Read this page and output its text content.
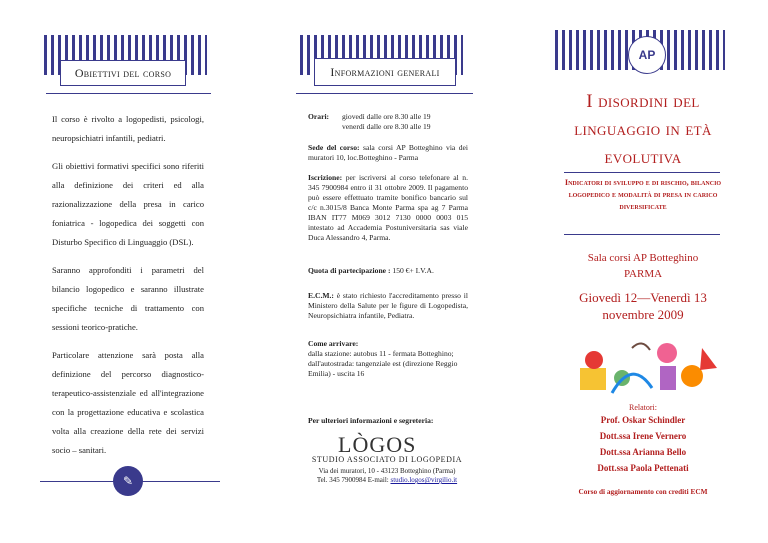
Obiettivi del corso

Il corso è rivolto a logopedisti, psicologi, neuropsichiatri infantili, pediatri.

Gli obiettivi formativi specifici sono riferiti alla definizione dei criteri ed alla razionalizzazione della presa in carico foniatrica - logopedica dei soggetti con Disturbo Specifico di Linguaggio (DSL).

Saranno approfonditi i parametri del bilancio logopedico e saranno illustrate specifiche tecniche di trattamento con sessioni teorico-pratiche.

Particolare attenzione sarà posta alla definizione del percorso diagnostico-terapeutico-assistenziale ed all'integrazione con la progettazione educativa e scolastica volta alla creazione della rete dei servizi socio – sanitari.

✎
Informazioni generali
Orari:	giovedì dalle ore 8.30 alle 19
venerdì dalle ore 8.30 alle 19
Sede del corso: sala corsi AP Botteghino via dei muratori 10, loc.Botteghino - Parma
Iscrizione: per iscriversi al corso telefonare al n. 345 7900984 entro il 31 ottobre 2009. Il pagamento può essere effettuato tramite bonifico bancario sul c/c n.3015/8 Banca Monte Parma spa ag 7 Parma IBAN IT77 M069 3012 7130 0000 0003 015 intestato ad Accademia Postuniversitaria sas viale Duca Alessandro 4, Parma.
Quota di partecipazione : 150 €+ I.V.A.
E.C.M.: è stato richiesto l'accreditamento presso il Ministero della Salute per le figure di Logopedista, Neuropsichiatra infantile, Pediatra.
Come arrivare:
dalla stazione: autobus 11 - fermata Botteghino;
dall'autostrada: tangenziale est (direzione Reggio Emilia) - uscita 16
Per ulteriori informazioni e segreteria:
LÒGOS
STUDIO ASSOCIATO DI LOGOPEDIA
Via dei muratori, 10 - 43123 Botteghino (Parma)
Tel. 345 7900984 E-mail: studio.logos@virgilio.it
AP
I disordini del linguaggio in età evolutiva
Indicatori di sviluppo e di rischio, bilancio logopedico e modalità di presa in carico diversificate
Sala corsi AP Botteghino
PARMA
Giovedì 12—Venerdì 13
novembre 2009
Relatori:
Prof. Oskar Schindler
Dott.ssa Irene Vernero
Dott.ssa Arianna Bello
Dott.ssa Paola Pettenati
Corso di aggiornamento con crediti ECM
